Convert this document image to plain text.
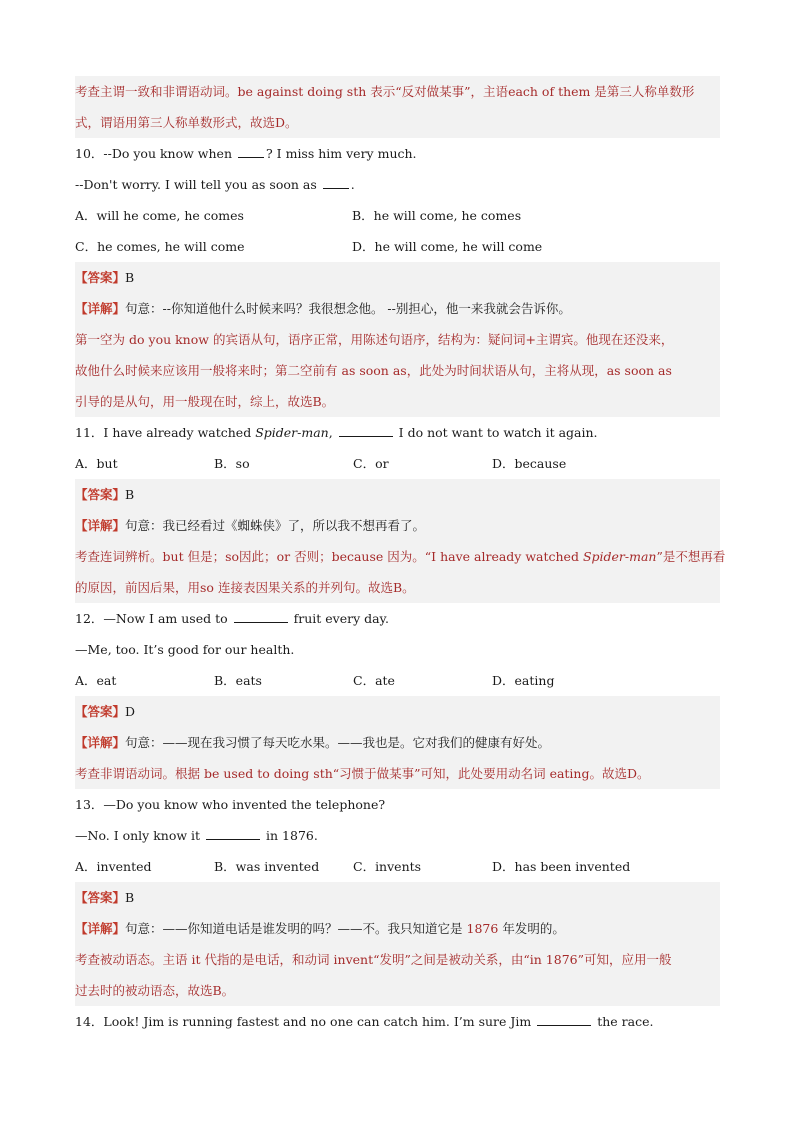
考查主谓一致和非谓语动词。be against doing sth 表示“反对做某事”，主语each of them 是第三人称单数形
式，谓语用第三人称单数形式，故选D。
10．--Do you know when	? I miss him very much.
--Don't worry. I will tell you as soon as	.
A．will he come, he comes	B．he will come, he comes
C．he comes, he will come	D．he will come, he will come
【答案】B
【详解】句意：--你知道他什么时候来吗？我很想念他。 --别担心，他一来我就会告诉你。
第一空为 do you know 的宾语从句，语序正常，用陈述句语序，结构为：疑问词+主谓宾。他现在还没来，
故他什么时候来应该用一般将来时；第二空前有 as soon as，此处为时间状语从句，主将从现，as soon as
引导的是从句，用一般现在时，综上，故选B。
11．I have already watched Spider-man,	I do not want to watch it again.
A．but	B．so	C．or	D．because
【答案】B
【详解】句意：我已经看过《蜘蛛侠》了，所以我不想再看了。
考查连词辨析。but 但是；so因此；or 否则；because 因为。“I have already watched Spider-man”是不想再看
的原因，前因后果，用so 连接表因果关系的并列句。故选B。
12．—Now I am used to	fruit every day.
—Me, too. It’s good for our health.
A．eat	B．eats	C．ate	D．eating
【答案】D
【详解】句意：——现在我习惯了每天吃水果。——我也是。它对我们的健康有好处。
考查非谓语动词。根据 be used to doing sth“习惯于做某事”可知，此处要用动名词 eating。故选D。
13．—Do you know who invented the telephone?
—No. I only know it	in 1876.
A．invented	B．was invented	C．invents	D．has been invented
【答案】B
【详解】句意：——你知道电话是谁发明的吗？——不。我只知道它是 1876 年发明的。
考查被动语态。主语 it 代指的是电话，和动词 invent“发明”之间是被动关系，由“in 1876”可知，应用一般
过去时的被动语态，故选B。
14．Look! Jim is running fastest and no one can catch him. I’m sure Jim	the race.
